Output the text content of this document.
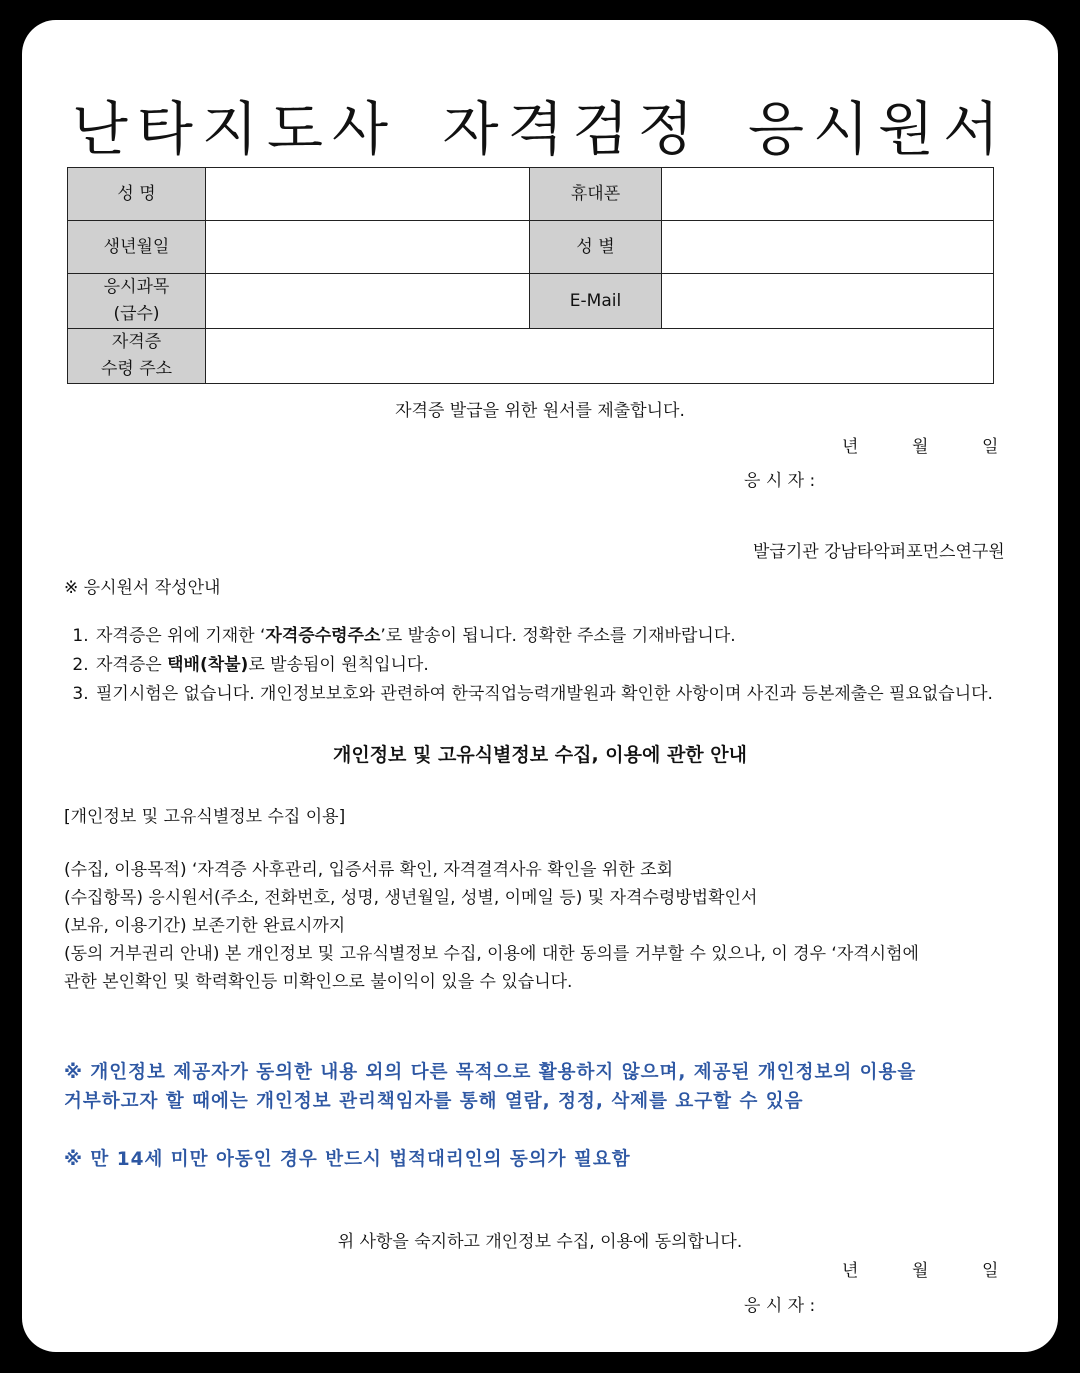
난타지도사 자격검정 응시원서
성 명		휴대폰	
생년월일		성 별	

응시과목
(급수)		E-Mail	

자격증
수령 주소			

자격증 발급을 위한 원서를 제출합니다.
년	월	일
응 시 자 :
발급기관 강남타악퍼포먼스연구원
※ 응시원서 작성안내
1. 자격증은 위에 기재한 ‘자격증수령주소’로 발송이 됩니다. 정확한 주소를 기재바랍니다.
2. 자격증은 택배(착불)로 발송됨이 원칙입니다.
3. 필기시험은 없습니다. 개인정보보호와 관련하여 한국직업능력개발원과 확인한 사항이며 사진과 등본제출은 필요없습니다.
개인정보 및 고유식별정보 수집, 이용에 관한 안내
[개인정보 및 고유식별정보 수집 이용]
(수집, 이용목적) ‘자격증 사후관리, 입증서류 확인, 자격결격사유 확인을 위한 조회
(수집항목) 응시원서(주소, 전화번호, 성명, 생년월일, 성별, 이메일 등) 및 자격수령방법확인서
(보유, 이용기간) 보존기한 완료시까지
(동의 거부권리 안내) 본 개인정보 및 고유식별정보 수집, 이용에 대한 동의를 거부할 수 있으나, 이 경우 ‘자격시험에
관한 본인확인 및 학력확인등 미확인으로 불이익이 있을 수 있습니다.
※ 개인정보 제공자가 동의한 내용 외의 다른 목적으로 활용하지 않으며, 제공된 개인정보의 이용을
거부하고자 할 때에는 개인정보 관리책임자를 통해 열람, 정정, 삭제를 요구할 수 있음
※ 만 14세 미만 아동인 경우 반드시 법적대리인의 동의가 필요함
위 사항을 숙지하고 개인정보 수집, 이용에 동의합니다.
년	월	일
응 시 자 :
